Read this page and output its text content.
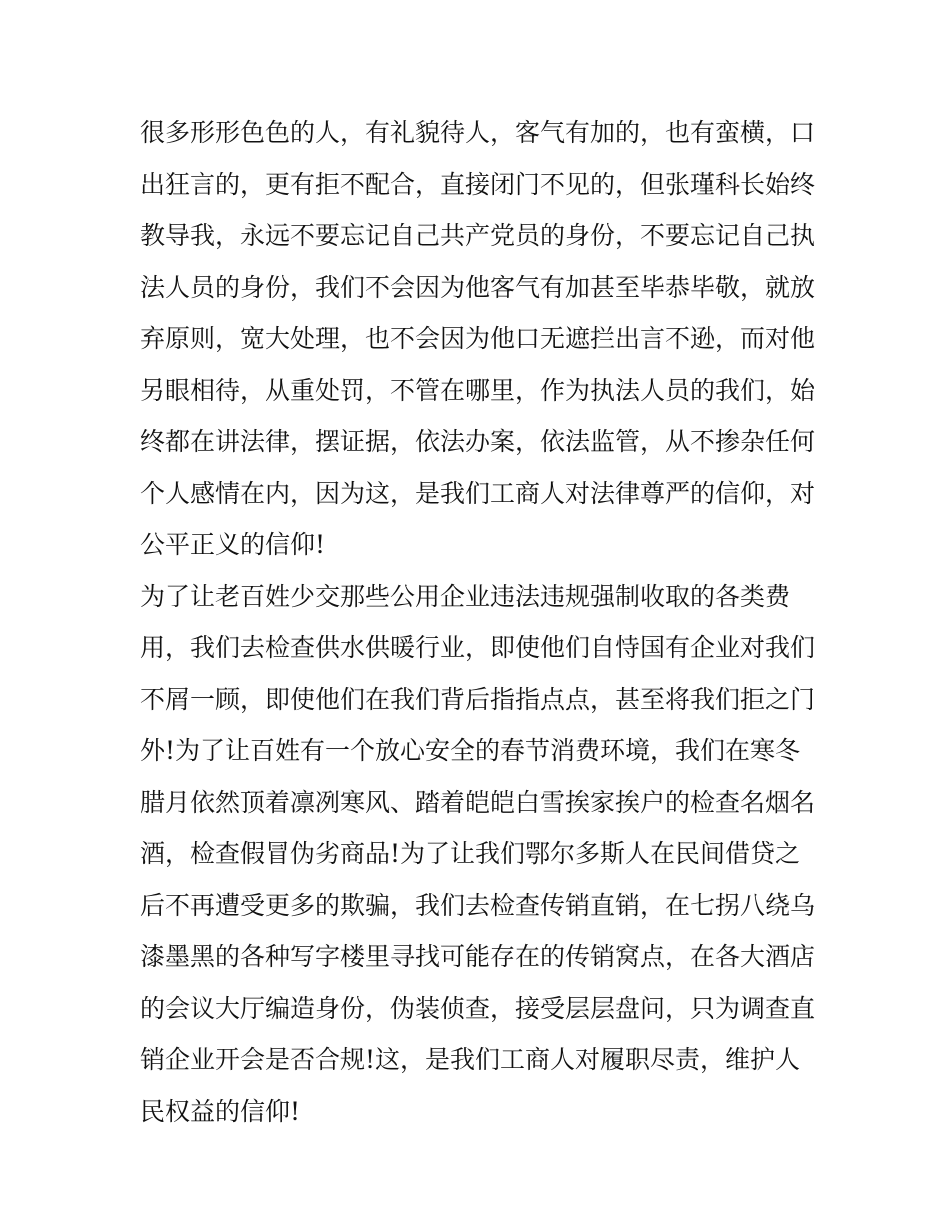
很多形形色色的人，有礼貌待人，客气有加的，也有蛮横，口
出狂言的，更有拒不配合，直接闭门不见的，但张瑾科长始终
教导我，永远不要忘记自己共产党员的身份，不要忘记自己执
法人员的身份，我们不会因为他客气有加甚至毕恭毕敬，就放
弃原则，宽大处理，也不会因为他口无遮拦出言不逊，而对他
另眼相待，从重处罚，不管在哪里，作为执法人员的我们，始
终都在讲法律，摆证据，依法办案，依法监管，从不掺杂任何
个人感情在内，因为这，是我们工商人对法律尊严的信仰，对
公平正义的信仰!
为了让老百姓少交那些公用企业违法违规强制收取的各类费
用，我们去检查供水供暖行业，即使他们自恃国有企业对我们
不屑一顾，即使他们在我们背后指指点点，甚至将我们拒之门
外!为了让百姓有一个放心安全的春节消费环境，我们在寒冬
腊月依然顶着凛冽寒风、踏着皑皑白雪挨家挨户的检查名烟名
酒，检查假冒伪劣商品!为了让我们鄂尔多斯人在民间借贷之
后不再遭受更多的欺骗，我们去检查传销直销，在七拐八绕乌
漆墨黑的各种写字楼里寻找可能存在的传销窝点，在各大酒店
的会议大厅编造身份，伪装侦查，接受层层盘问，只为调查直
销企业开会是否合规!这，是我们工商人对履职尽责，维护人
民权益的信仰!
